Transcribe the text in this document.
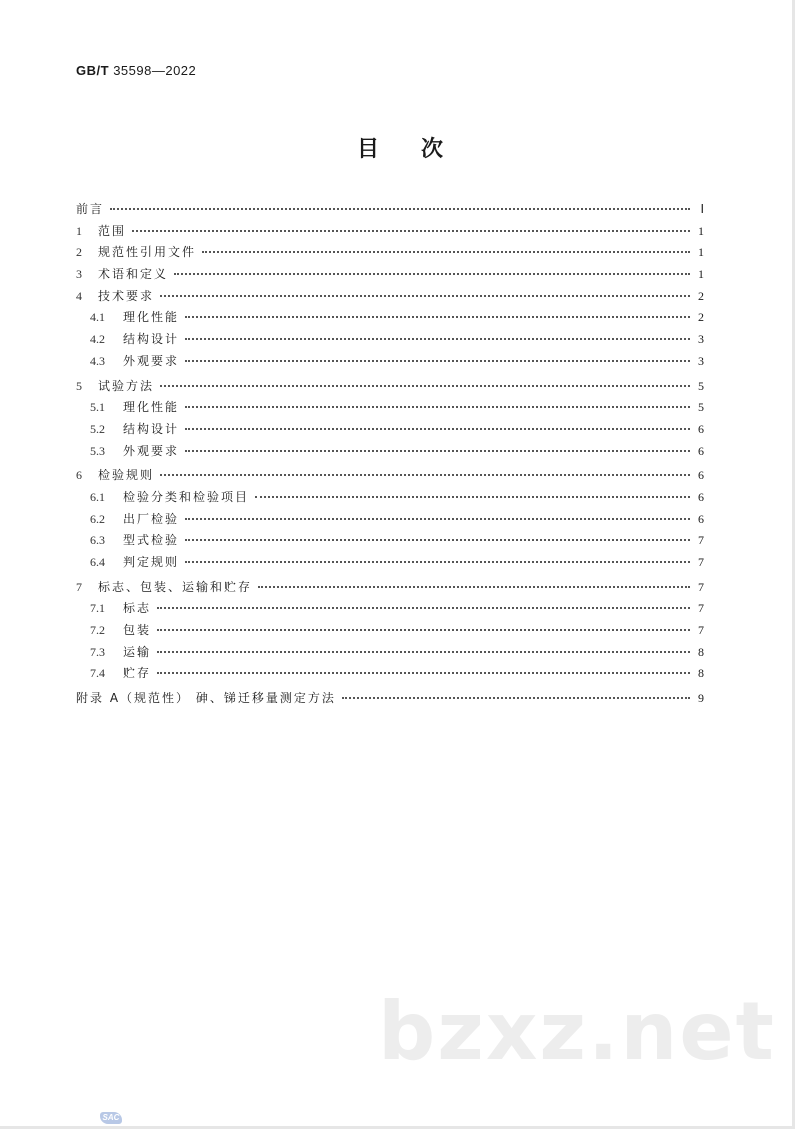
GB/T 35598—2022
目次
前言	Ⅰ
1	范围	1
2	规范性引用文件	1
3	术语和定义	1
4	技术要求	2
4.1	理化性能	2
4.2	结构设计	3
4.3	外观要求	3
5	试验方法	5
5.1	理化性能	5
5.2	结构设计	6
5.3	外观要求	6
6	检验规则	6
6.1	检验分类和检验项目	6
6.2	出厂检验	6
6.3	型式检验	7
6.4	判定规则	7
7	标志、包装、运输和贮存	7
7.1	标志	7
7.2	包装	7
7.3	运输	8
7.4	贮存	8
附录 A（规范性） 砷、锑迁移量测定方法	9
bzxz.net
SAC
